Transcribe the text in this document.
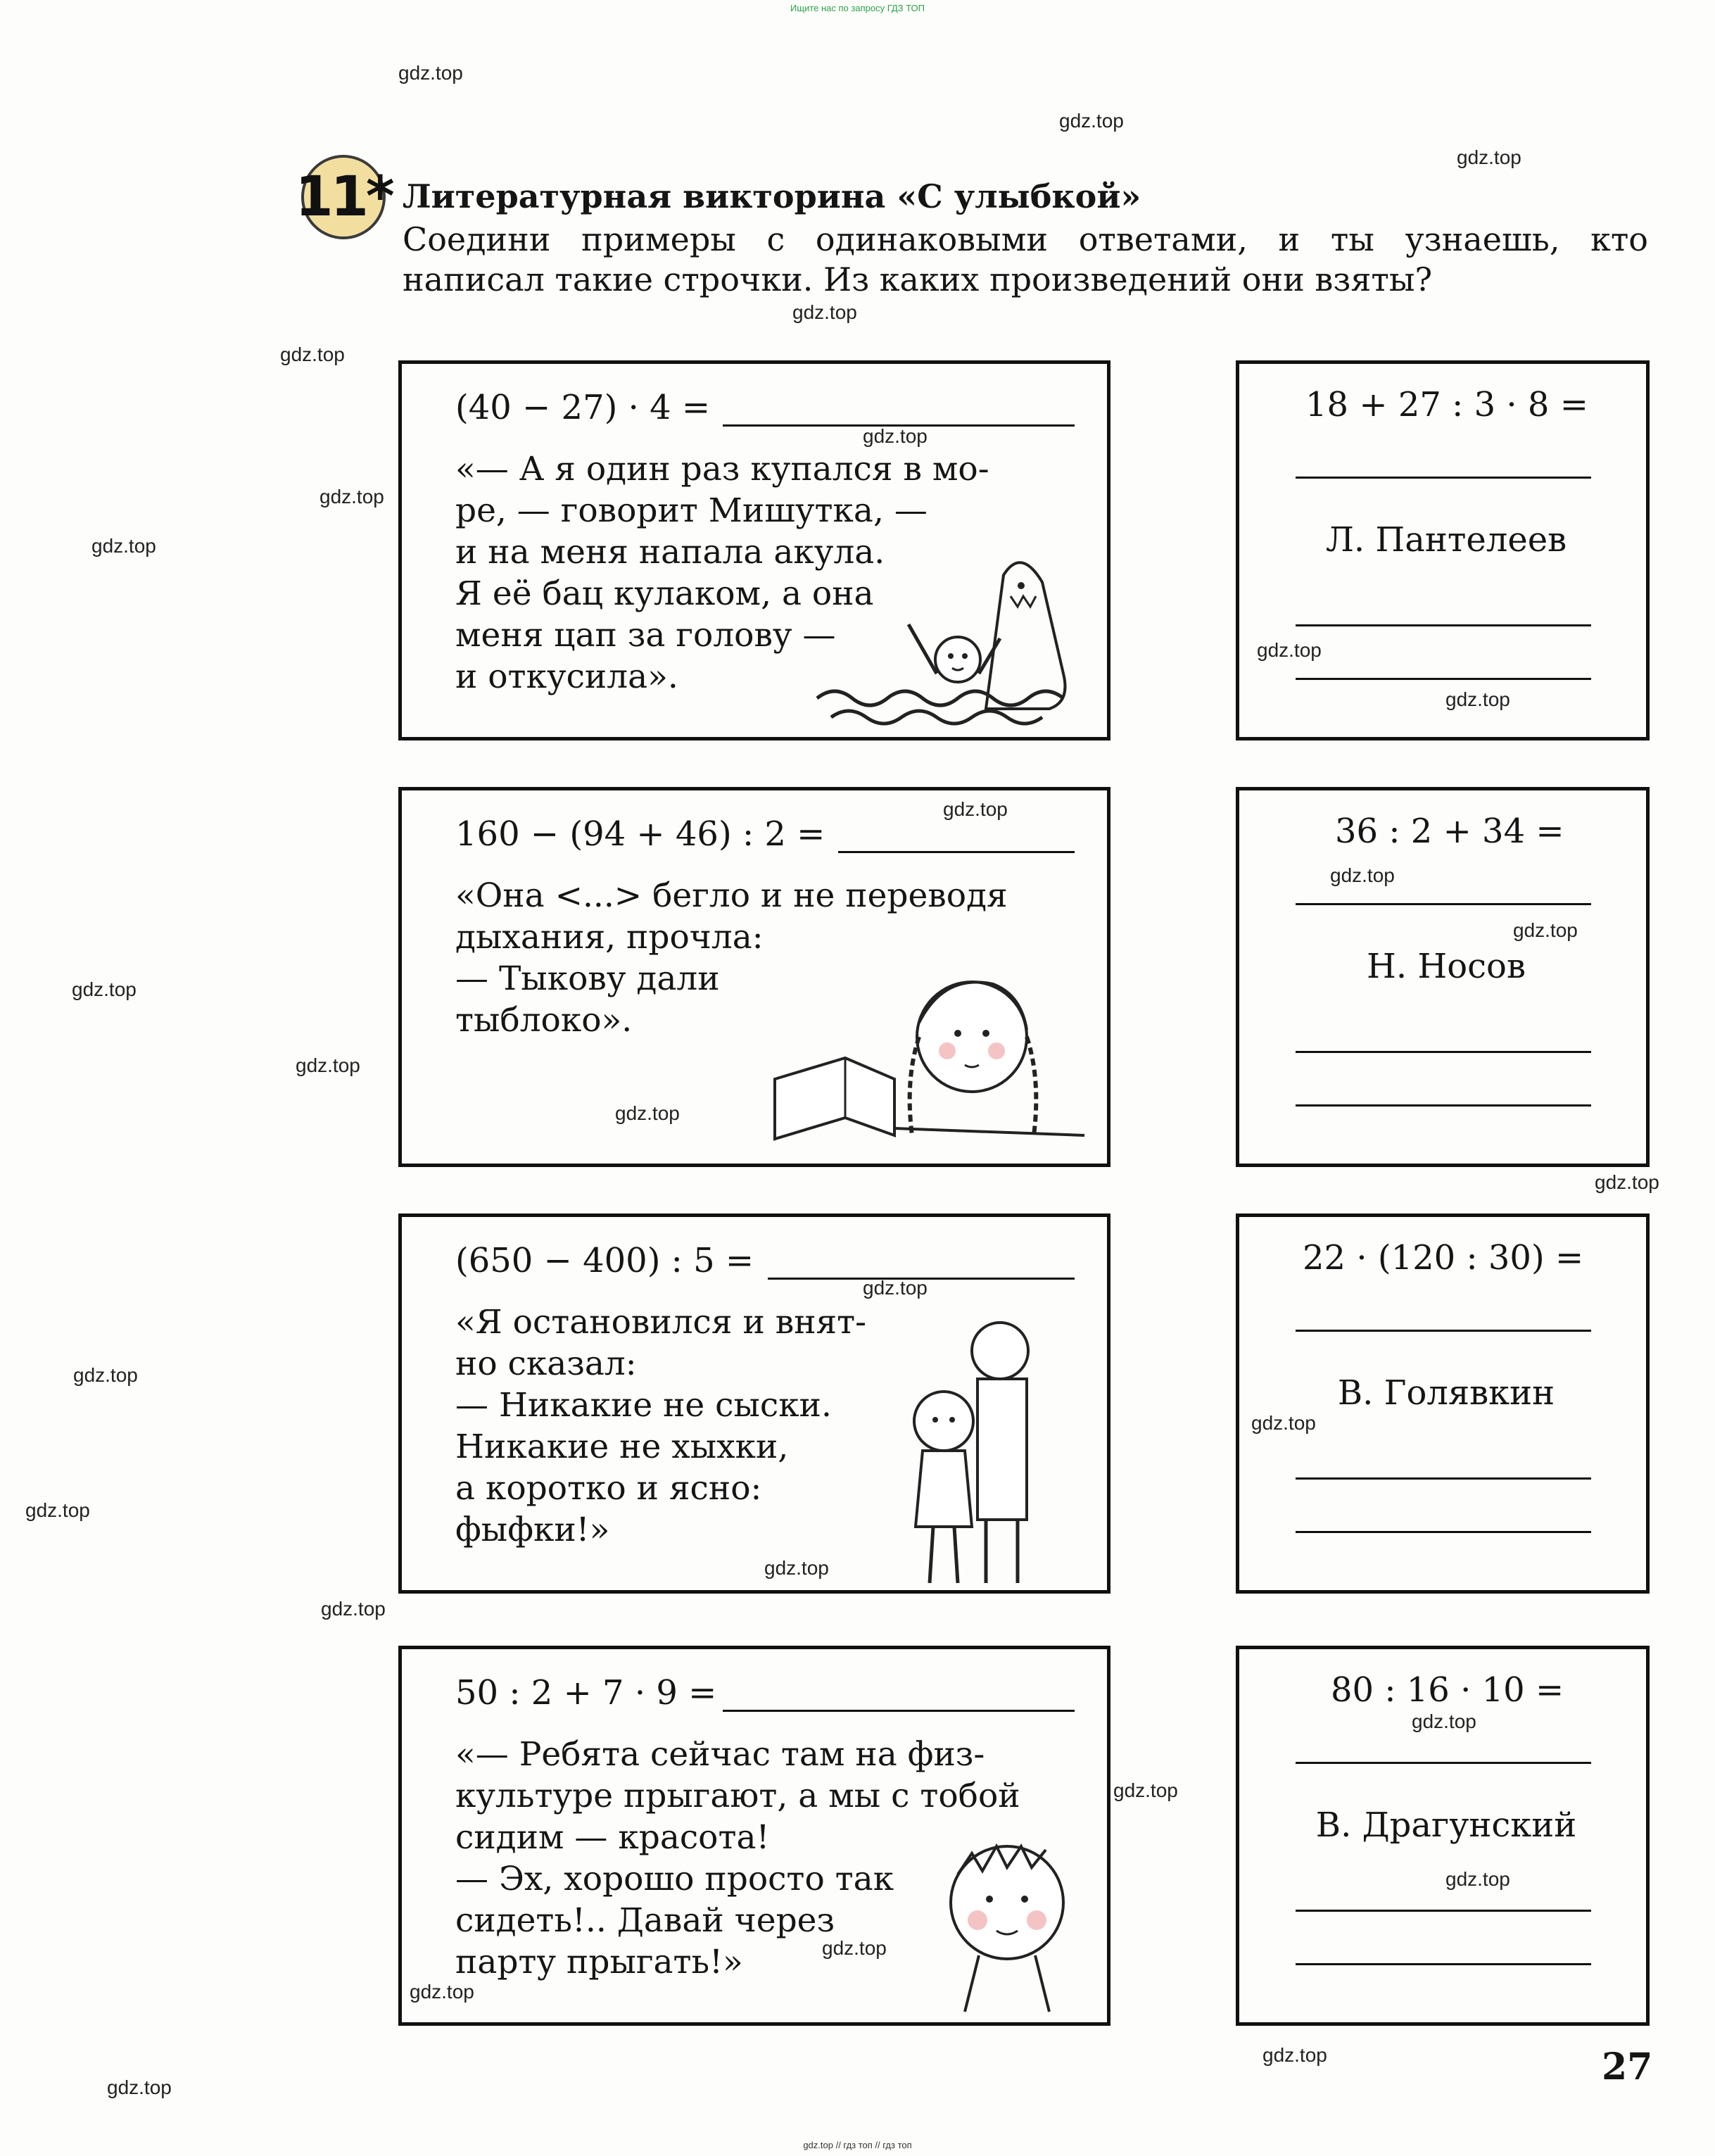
Ищите нас по запросу ГДЗ ТОП
gdz.top
gdz.top
gdz.top
gdz.top
gdz.top
gdz.top
gdz.top
gdz.top
gdz.top
gdz.top
gdz.top
gdz.top
gdz.top
gdz.top
gdz.top
gdz.top
gdz.top
gdz.top
gdz.top
gdz.top
gdz.top
gdz.top
gdz.top
gdz.top
gdz.top
gdz.top
gdz.top
gdz.top
gdz.top
gdz.top
11* Литературная викторина «С улыбкой»
Соедини примеры с одинаковыми ответами, и ты узнаешь, кто
написал такие строчки. Из каких произведений они взяты?
(40 − 27) · 4 =
«— А я один раз купался в мо-
ре, — говорит Мишутка, —
и на меня напала акула.
Я её бац кулаком, а она
меня цап за голову —
и откусила».
18 + 27 : 3 · 8 =
Л. Пантелеев
160 − (94 + 46) : 2 =
«Она <...> бегло и не переводя
дыхания, прочла:
— Тыкову дали
тыблоко».
36 : 2 + 34 =
Н. Носов
(650 − 400) : 5 =
«Я остановился и внят-
но сказал:
— Никакие не сыски.
Никакие не хыхки,
а коротко и ясно:
фыфки!»
22 · (120 : 30) =
В. Голявкин
50 : 2 + 7 · 9 =
«— Ребята сейчас там на физ-
культуре прыгают, а мы с тобой
сидим — красота!
— Эх, хорошо просто так
сидеть!.. Давай через
парту прыгать!»
80 : 16 · 10 =
В. Драгунский
27
gdz.top // гдз топ // гдз топ
